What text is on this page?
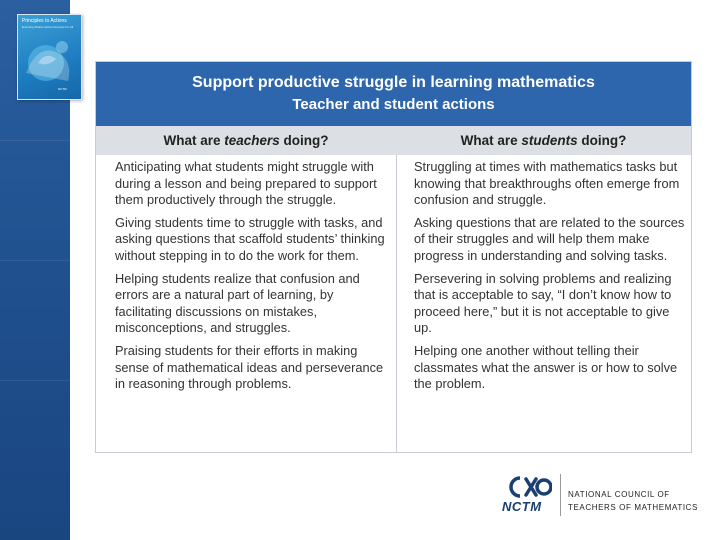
Principles to Actions
Ensuring Mathematical Success for All
NCTM	Support productive struggle in learning mathematics
Teacher and student actions
What are teachers doing?	What are students doing?

Anticipating what students might struggle with during a lesson and being prepared to support them productively through the struggle.

Giving students time to struggle with tasks, and asking questions that scaffold students’ thinking without stepping in to do the work for them.

Helping students realize that confusion and errors are a natural part of learning, by facilitating discussions on mistakes, misconceptions, and struggles.

Praising students for their efforts in making sense of mathematical ideas and perseverance in reasoning through problems.

Struggling at times with mathematics tasks but knowing that breakthroughs often emerge from confusion and struggle.

Asking questions that are related to the sources of their struggles and will help them make progress in understanding and solving tasks.

Persevering in solving problems and realizing that is acceptable to say, “I don’t know how to proceed here,” but it is not acceptable to give up.

Helping one another without telling their classmates what the answer is or how to solve the problem.

NCTM
NATIONAL COUNCIL OF
TEACHERS OF MATHEMATICS
